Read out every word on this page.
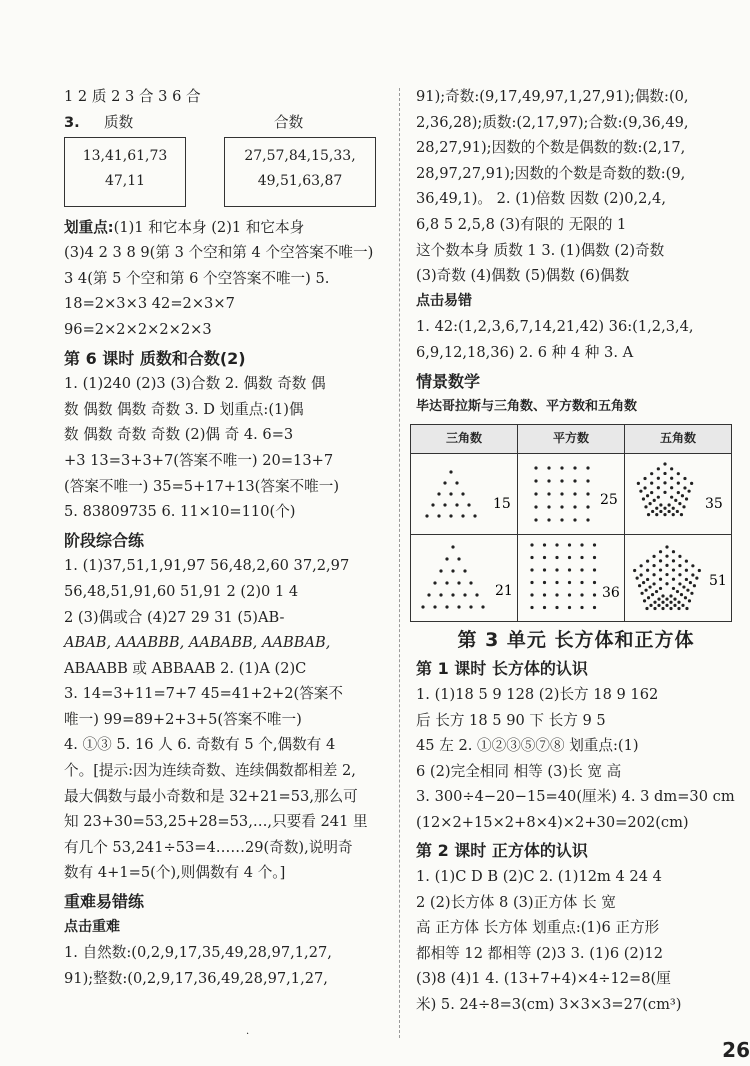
1 2 质 2 3 合 3 6 合
3. 质数	合数
13,41,61,73
47,11
27,57,84,15,33,
49,51,63,87
划重点:(1)1 和它本身 (2)1 和它本身
(3)4 2 3 8 9(第 3 个空和第 4 个空答案不唯一) 3 4(第 5 个空和第 6 个空答案不唯一) 5. 18=2×3×3 42=2×3×7 96=2×2×2×2×2×3
第 6 课时 质数和合数(2)
1. (1)240 (2)3 (3)合数 2. 偶数 奇数 偶
数 偶数 偶数 奇数 3. D 划重点:(1)偶
数 偶数 奇数 奇数 (2)偶 奇 4. 6=3
+3 13=3+3+7(答案不唯一) 20=13+7
(答案不唯一) 35=5+17+13(答案不唯一)
5. 83809735 6. 11×10=110(个)
阶段综合练
1. (1)37,51,1,91,97 56,48,2,60 37,2,97
56,48,51,91,60 51,91 2 (2)0 1 4
2 (3)偶或合 (4)27 29 31 (5)AB-
ABAB, AAABBB, AABABB, AABBAB,
ABAABB 或 ABBAAB 2. (1)A (2)C
3. 14=3+11=7+7 45=41+2+2(答案不
唯一) 99=89+2+3+5(答案不唯一)
4. ①③ 5. 16 人 6. 奇数有 5 个,偶数有 4
个。[提示:因为连续奇数、连续偶数都相差 2,
最大偶数与最小奇数和是 32+21=53,那么可
知 23+30=53,25+28=53,…,只要看 241 里
有几个 53,241÷53=4……29(奇数),说明奇
数有 4+1=5(个),则偶数有 4 个。]
重难易错练
点击重难
1. 自然数:(0,2,9,17,35,49,28,97,1,27,
91);整数:(0,2,9,17,36,49,28,97,1,27,
91);奇数:(9,17,49,97,1,27,91);偶数:(0,
2,36,28);质数:(2,17,97);合数:(9,36,49,
28,27,91);因数的个数是偶数的数:(2,17,
28,97,27,91);因数的个数是奇数的数:(9,
36,49,1)。 2. (1)倍数 因数 (2)0,2,4,
6,8 5 2,5,8 (3)有限的 无限的 1
这个数本身 质数 1 3. (1)偶数 (2)奇数
(3)奇数 (4)偶数 (5)偶数 (6)偶数
点击易错
1. 42:(1,2,3,6,7,14,21,42) 36:(1,2,3,4,
6,9,12,18,36) 2. 6 种 4 种 3. A
情景数学
毕达哥拉斯与三角数、平方数和五角数
三角数	平方数	五角数

15	25	35

21	36	51
第 3 单元 长方体和正方体
第 1 课时 长方体的认识
1. (1)18 5 9 128 (2)长方 18 9 162
后 长方 18 5 90 下 长方 9 5
45 左 2. ①②③⑤⑦⑧ 划重点:(1)
6 (2)完全相同 相等 (3)长 宽 高
3. 300÷4−20−15=40(厘米) 4. 3 dm=30 cm
(12×2+15×2+8×4)×2+30=202(cm)
第 2 课时 正方体的认识
1. (1)C D B (2)C 2. (1)12m 4 24 4
2 (2)长方体 8 (3)正方体 长 宽
高 正方体 长方体 划重点:(1)6 正方形
都相等 12 都相等 (2)3 3. (1)6 (2)12
(3)8 (4)1 4. (13+7+4)×4÷12=8(厘
米) 5. 24÷8=3(cm) 3×3×3=27(cm³)
.
26
